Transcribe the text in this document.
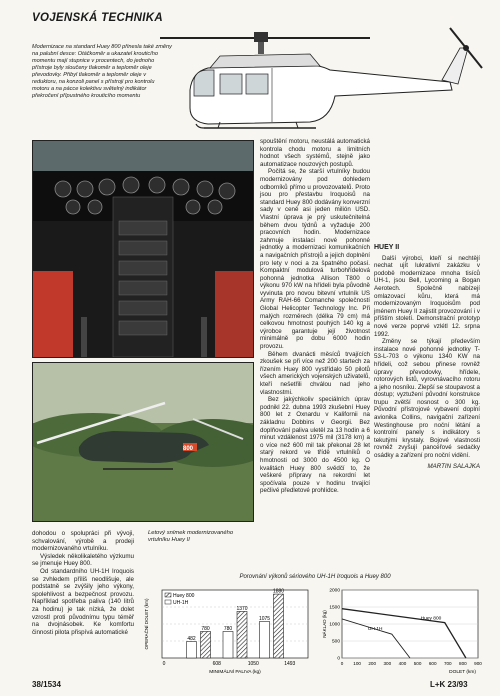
VOJENSKÁ TECHNIKA
Modernizace na standard Huey 800 přinesla také změny na palubní desce: Otáčkoměr a ukazatel krouticího momentu mají stupnice v procentech, do jednoho přístroje byly sloučeny tlakoměr a teploměr oleje převodovky. Přibyl tlakoměr a teploměr oleje v reduktoru, na konzoli panel s přístroji pro kontrolu motoru a na pácce kolektivu světelný indikátor překročení přípustného krouticího momentu
800
Letový snímek modernizovaného vrtulníku Huey II

spouštění motoru, neustálá automatická kontrola chodu motoru a limitních hodnot všech systémů, stejně jako automatizace nouzových postupů.

Počítá se, že starší vrtulníky budou modernizovány pod dohledem odborníků přímo u provozovatelů. Proto jsou pro přestavbu Iroquoisů na standard Huey 800 dodávány konverzní sady v ceně asi jeden milión USD. Vlastní úprava je prý uskutečnitelná během dvou týdnů a vyžaduje 200 pracovních hodin. Modernizace zahrnuje instalaci nové pohonné jednotky a modernizaci komunikačních a navigačních přístrojů a jejich doplnění pro lety v noci a za špatného počasí. Kompaktní modulová turbohřídelová pohonná jednotka Allison T800 o výkonu 970 kW na hřídeli byla původně vyvinuta pro novou bitevní vrtulník US Army RAH-66 Comanche společností Global Helicopter Technology Inc. Při malých rozměrech (délka 79 cm) má celkovou hmotnost pouhých 140 kg a výrobce garantuje její životnost minimálně po dobu 6000 hodin provozu.

Během dvanácti měsíců trvajících zkoušek se při více než 200 startech za řízením Huey 800 vystřídalo 50 pilotů všech amerických vojenských uživatelů, kteří nešetřili chválou nad jeho vlastnostmi.

Bez jakýchkoliv speciálních úprav podnikl 22. dubna 1993 zkušební Huey 800 let z Oxnardu v Kalifornii na základnu Dobbins v Georgii. Bez doplňování paliva uletěl za 13 hodin a 6 minut vzdálenost 1975 mil (3178 km) a o více než 600 mil tak překonal 28 let starý rekord ve třídě vrtulníků o hmotnosti od 3000 do 4500 kg. O kvalitách Huey 800 svědčí to, že veškeré přípravy na rekordní let spočívala pouze v hodinu trvající pečlivé předletové prohlídce.

HUEY II

Další výrobci, kteří si nechtějí nechat ujít lukrativní zakázku v podobě modernizace mnoha tisíců UH-1, jsou Bell, Lycoming a Bogan Aerotech. Společně nabízejí omlazovací kůru, která má modernizovaným Iroquoisům pod jménem Huey II zajistit provozování i v příštím století. Demonstrační prototyp nové verze poprvé vzlétl 12. srpna 1992.

Změny se týkají především instalace nové pohonné jednotky T-53-L-703 o výkonu 1340 KW na hřídeli, což sebou přinese rovněž úpravy převodovky, hřídele, rotorových listů, vyrovnávacího rotoru a jeho nosníku. Zlepší se stoupavost a dostup; vyztužení původní konstrukce trupu zvětší nosnost o 300 kg. Původní přístrojové vybavení doplní avionika Collins, navigační zařízení Westinghouse pro noční létání a kontrolní panely s indikátory s tekutými krystaly. Bojové vlastnosti rovněž zvyšují pancéřové sedačky osádky a zařízení pro noční vidění.

MARTIN SALAJKA

dohodou o spolupráci při vývoji, schvalování, výrobě a prodeji modernizovaného vrtulníku.

Výsledek několikaletého výzkumu se jmenuje Huey 800.

Od standardního UH-1H Iroquois se zvhledem příliš neodlišuje, ale podstatně se zvýšily jeho výkony, spolehlivost a bezpečnost provozu. Například spotřeba paliva (140 litrů za hodinu) je tak nízká, že dolet vzrostl proti původnímu typu téměř na dvojnásobek. Ke komfortu činnosti pilota přispívá automatické

Porovnání výkonů sériového UH-1H Iroquois a Huey 800
0	608	1050	1493
780
482
1370
780
1880
1075
Huey 800
UH-1H
MINIMÁLNÍ PALIVA (kg)
OPERAČNÍ DOLET (km)
0
500
1000
1500
2000
0 100 200 300 400 500 600 700 800 900
Huey 800
UH-1H
DOLET (km)
NÁKLAD (kg)
38/1534	L+K 23/93
